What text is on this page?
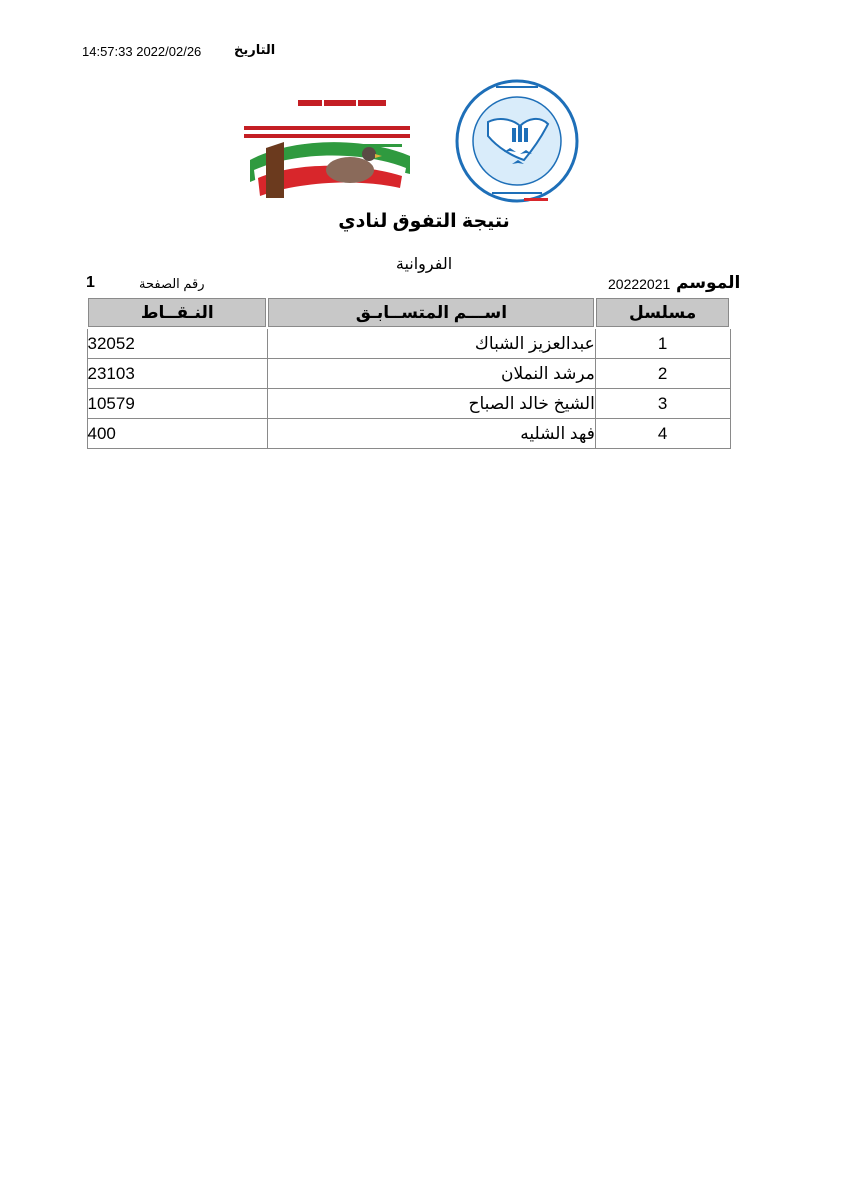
التاريخ
14:57:33 2022/02/26
نتيجة التفوق لنادي
الفروانية
الموسم
20222021
رقم الصفحة
1
مسلسل	اســـم المتســابـق	النـقــاط
1	عبدالعزيز الشباك	32052
2	مرشد النملان	23103
3	الشيخ خالد الصباح	10579
4	فهد الشليه	400
